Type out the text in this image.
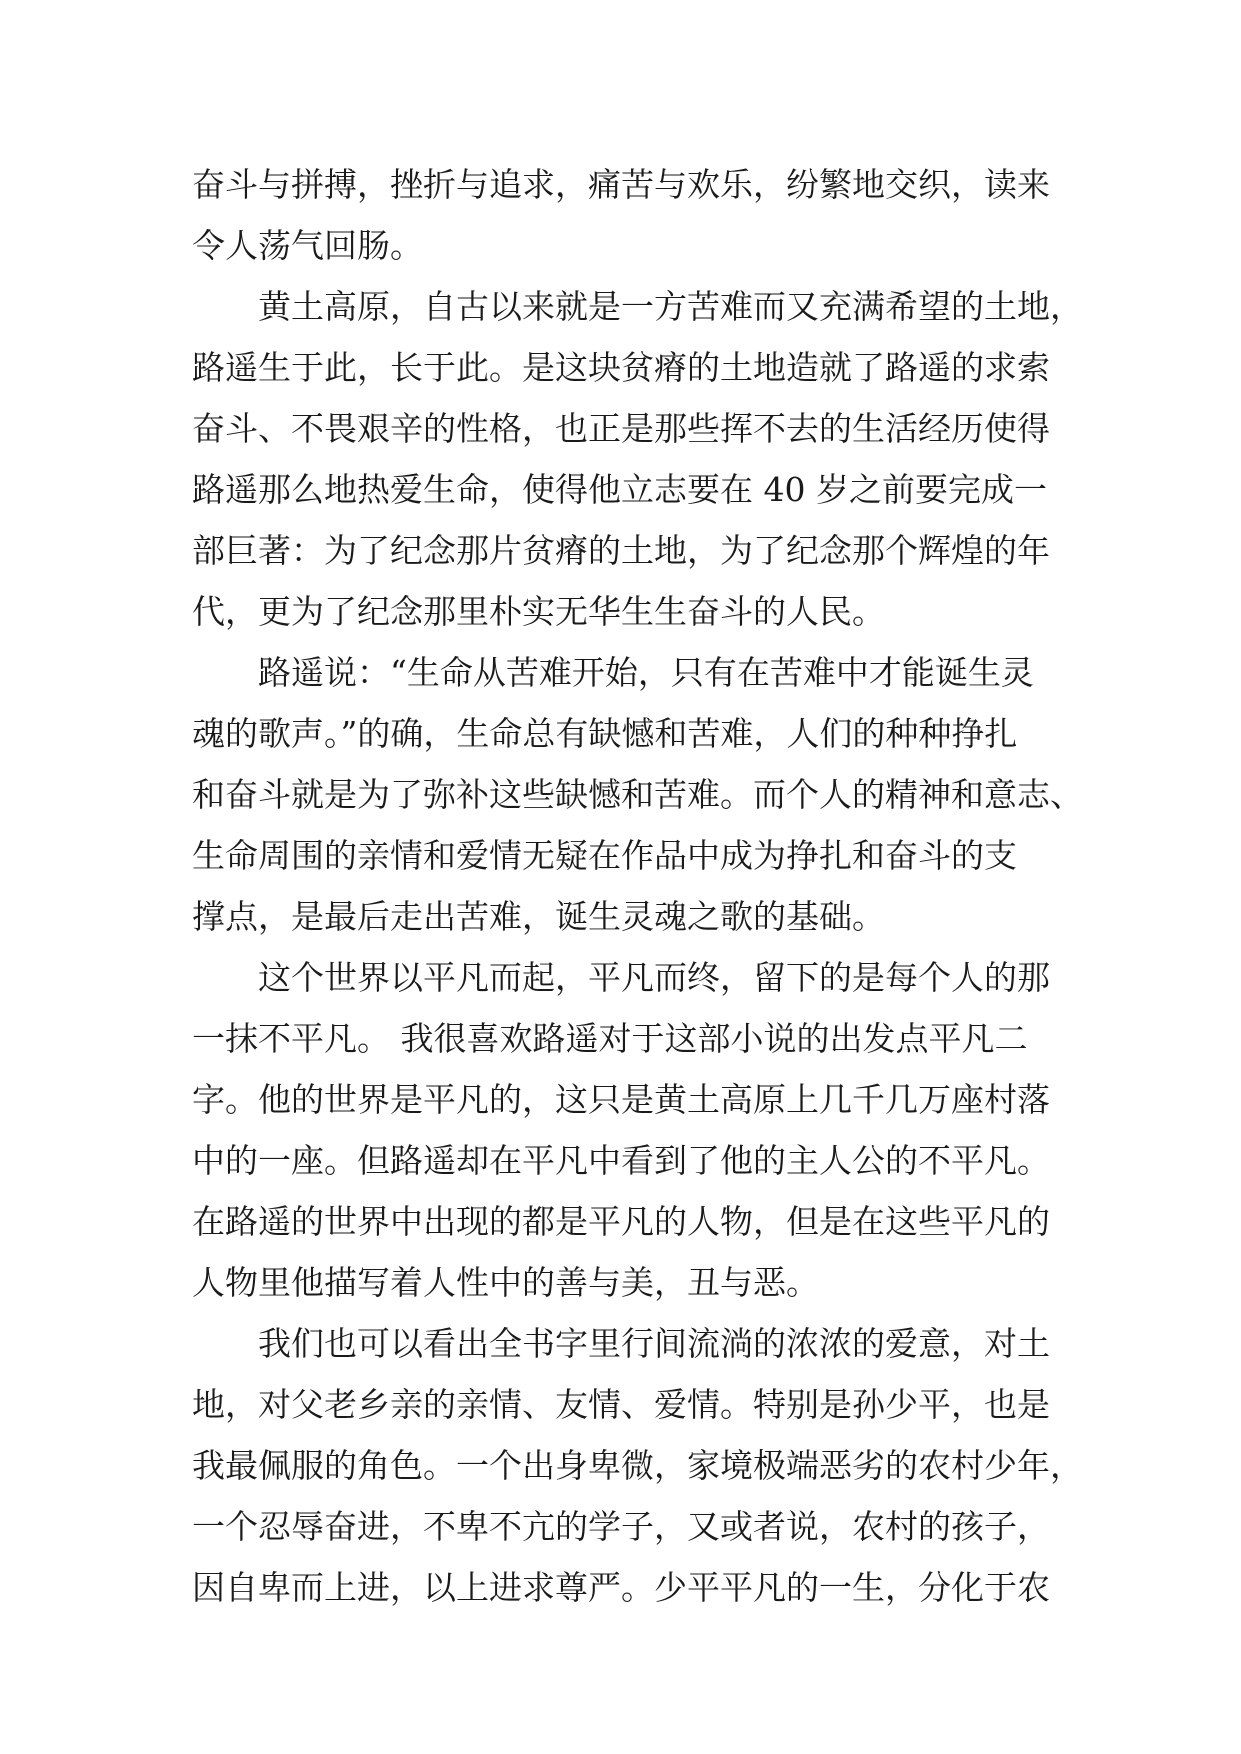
奋斗与拼搏，挫折与追求，痛苦与欢乐，纷繁地交织，读来
令人荡气回肠。
　　黄土高原，自古以来就是一方苦难而又充满希望的土地，
路遥生于此，长于此。是这块贫瘠的土地造就了路遥的求索
奋斗、不畏艰辛的性格，也正是那些挥不去的生活经历使得
路遥那么地热爱生命，使得他立志要在 40 岁之前要完成一
部巨著：为了纪念那片贫瘠的土地，为了纪念那个辉煌的年
代，更为了纪念那里朴实无华生生奋斗的人民。
　　路遥说：“生命从苦难开始，只有在苦难中才能诞生灵
魂的歌声。”的确，生命总有缺憾和苦难，人们的种种挣扎
和奋斗就是为了弥补这些缺憾和苦难。而个人的精神和意志、
生命周围的亲情和爱情无疑在作品中成为挣扎和奋斗的支
撑点，是最后走出苦难，诞生灵魂之歌的基础。
　　这个世界以平凡而起，平凡而终，留下的是每个人的那
一抹不平凡。 我很喜欢路遥对于这部小说的出发点平凡二
字。他的世界是平凡的，这只是黄土高原上几千几万座村落
中的一座。但路遥却在平凡中看到了他的主人公的不平凡。
在路遥的世界中出现的都是平凡的人物，但是在这些平凡的
人物里他描写着人性中的善与美，丑与恶。
　　我们也可以看出全书字里行间流淌的浓浓的爱意，对土
地，对父老乡亲的亲情、友情、爱情。特别是孙少平，也是
我最佩服的角色。一个出身卑微，家境极端恶劣的农村少年，
一个忍辱奋进，不卑不亢的学子，又或者说，农村的孩子，
因自卑而上进，以上进求尊严。少平平凡的一生，分化于农
